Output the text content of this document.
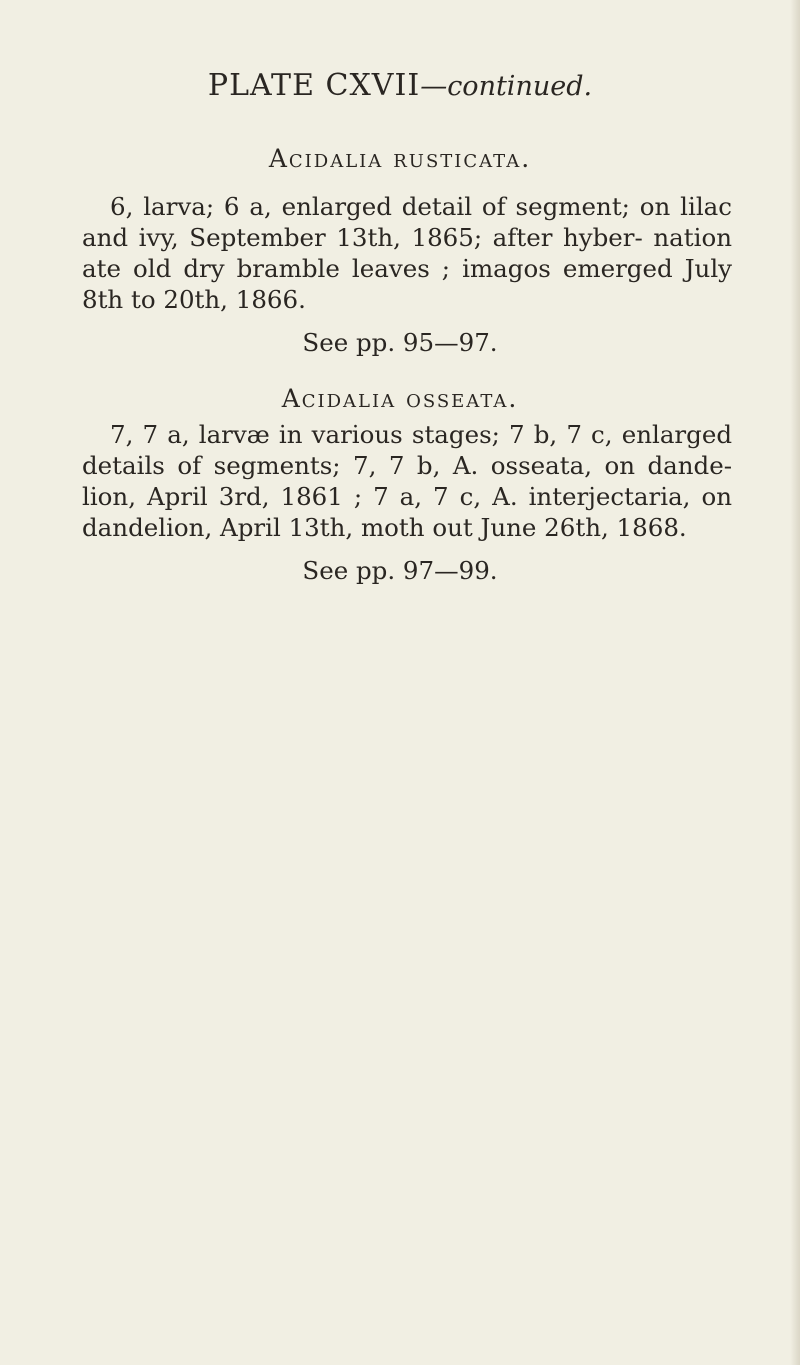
PLATE CXVII—continued.
Acidalia rusticata.

6, larva; 6 a, enlarged detail of segment; on lilac and ivy, September 13th, 1865; after hyber- nation ate old dry bramble leaves ; imagos emerged July 8th to 20th, 1866.

See pp. 95—97.
Acidalia osseata.

7, 7 a, larvæ in various stages; 7 b, 7 c, enlarged details of segments; 7, 7 b, A. osseata, on dande- lion, April 3rd, 1861 ; 7 a, 7 c, A. interjectaria, on dandelion, April 13th, moth out June 26th, 1868.

See pp. 97—99.
